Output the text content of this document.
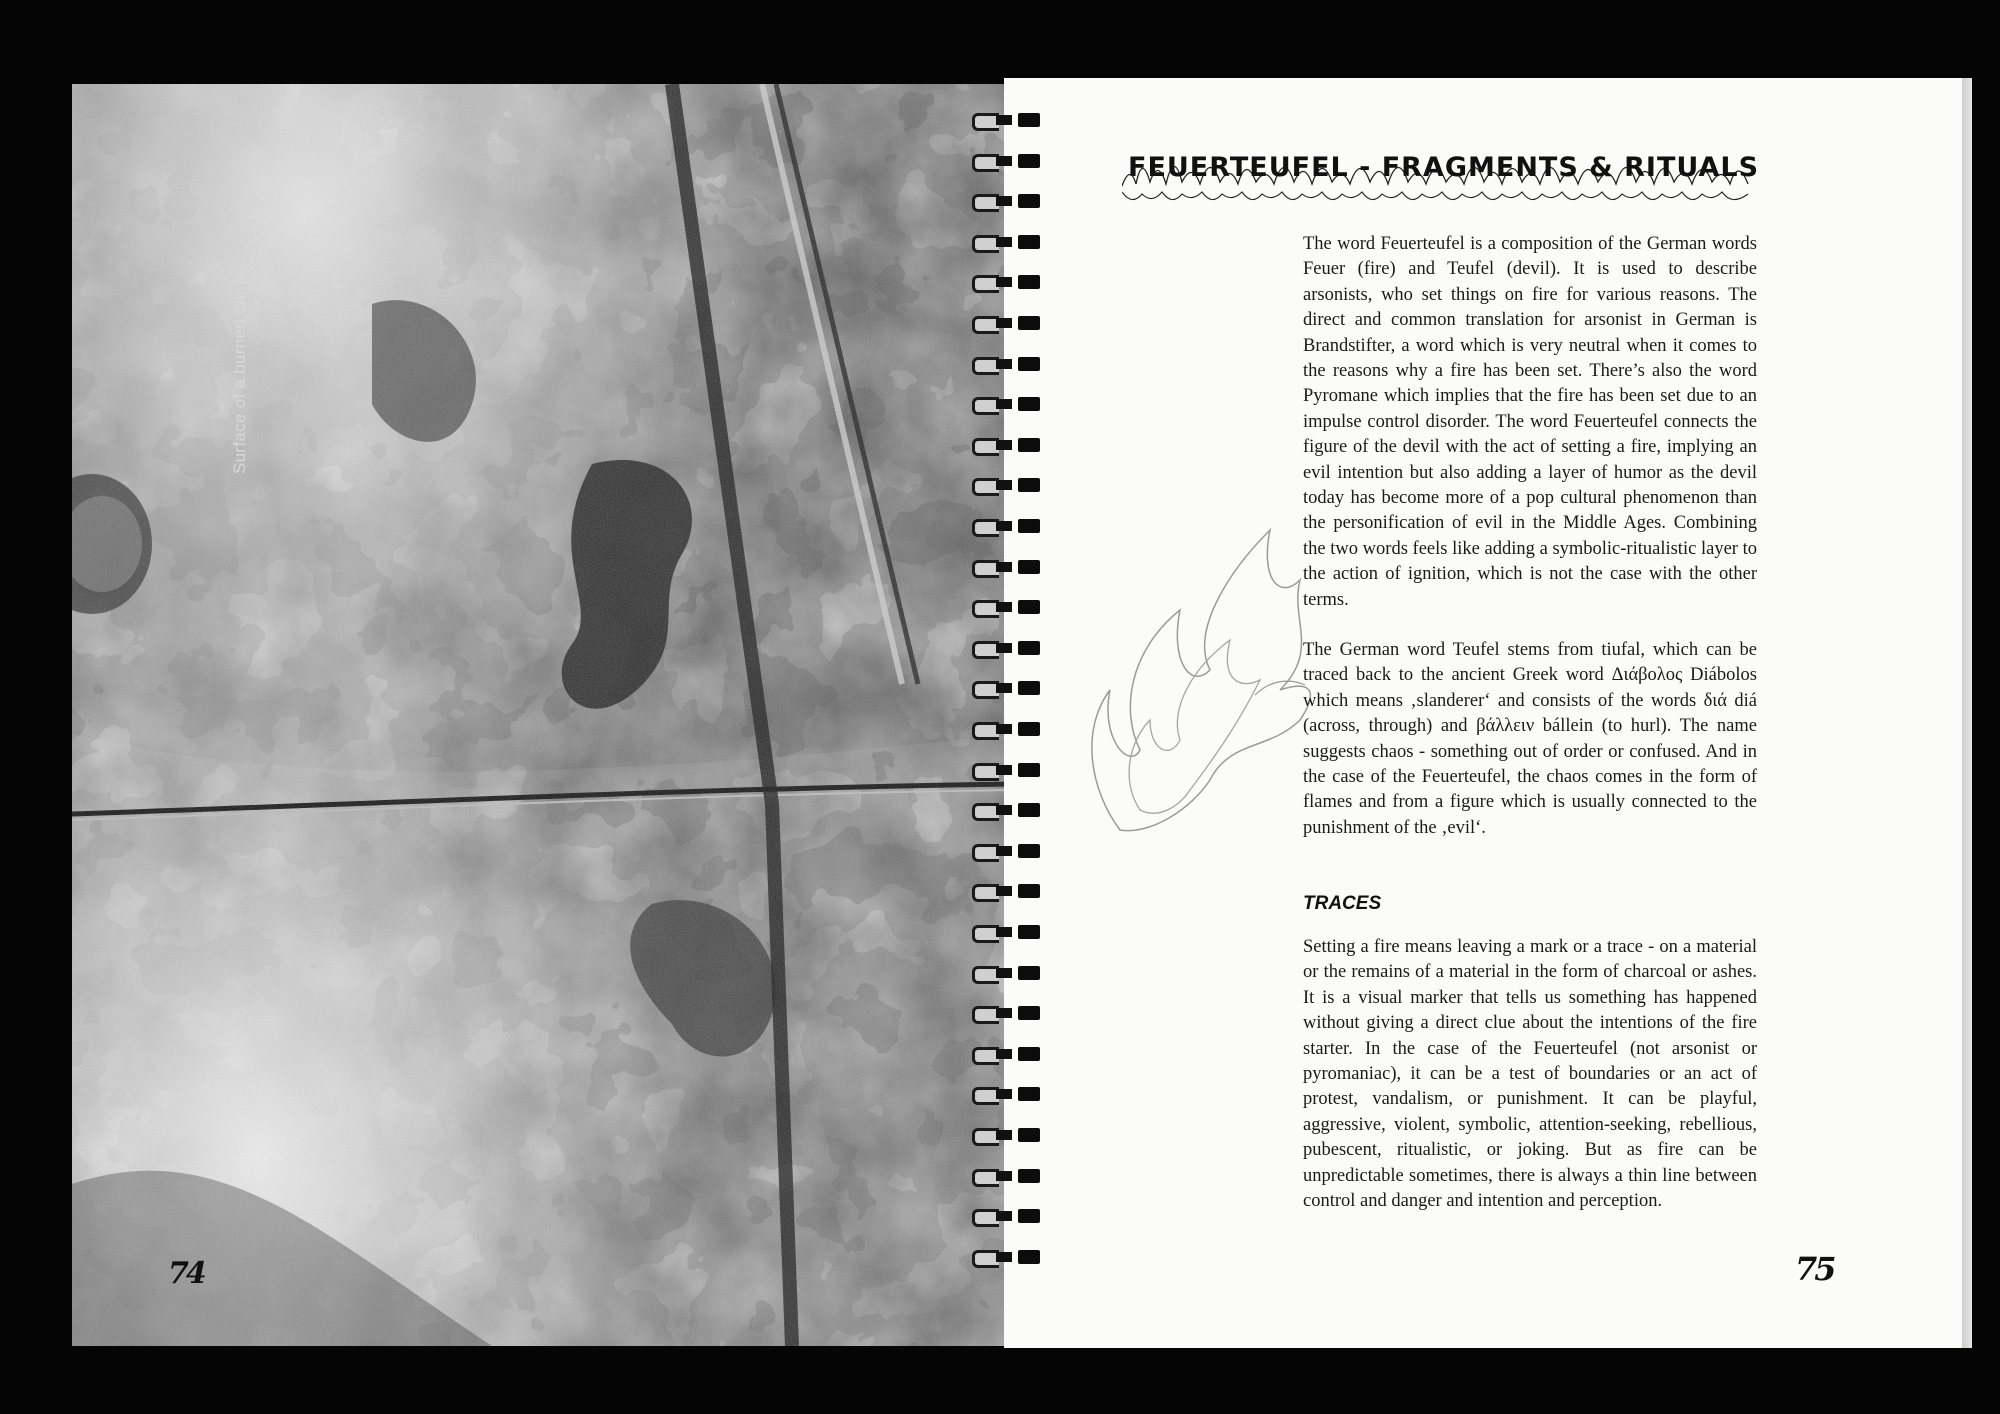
Surface of a burned car (ca.
74
FEUERTEUFEL - FRAGMENTS & RITUALS

The word Feuerteufel is a composition of the German words Feuer (fire) and Teufel (devil). It is used to describe arsonists, who set things on fire for various reasons. The direct and common translation for arsonist in German is Brandstifter, a word which is very neutral when it comes to the reasons why a fire has been set. There’s also the word Pyromane which implies that the fire has been set due to an impulse control disorder. The word Feuerteufel connects the figure of the devil with the act of setting a fire, implying an evil intention but also adding a layer of humor as the devil today has become more of a pop cultural phenomenon than the personification of evil in the Middle Ages. Combining the two words feels like adding a symbolic-ritualistic layer to the action of ignition, which is not the case with the other terms.

The German word Teufel stems from tiufal, which can be traced back to the ancient Greek word Διάβολος Diábolos which means ‚slanderer‘ and consists of the words διά diá (across, through) and βάλλειν bállein (to hurl). The name suggests chaos - something out of order or confused. And in the case of the Feuerteufel, the chaos comes in the form of flames and from a figure which is usually connected to the punishment of the ‚evil‘.

TRACES

Setting a fire means leaving a mark or a trace - on a material or the remains of a material in the form of charcoal or ashes. It is a visual marker that tells us something has happened without giving a direct clue about the intentions of the fire starter. In the case of the Feuerteufel (not arsonist or pyromaniac), it can be a test of boundaries or an act of protest, vandalism, or punishment. It can be playful, aggressive, violent, symbolic, attention-seeking, rebellious, pubescent, ritualistic, or joking. But as fire can be unpredictable sometimes, there is always a thin line between control and danger and intention and perception.

75
